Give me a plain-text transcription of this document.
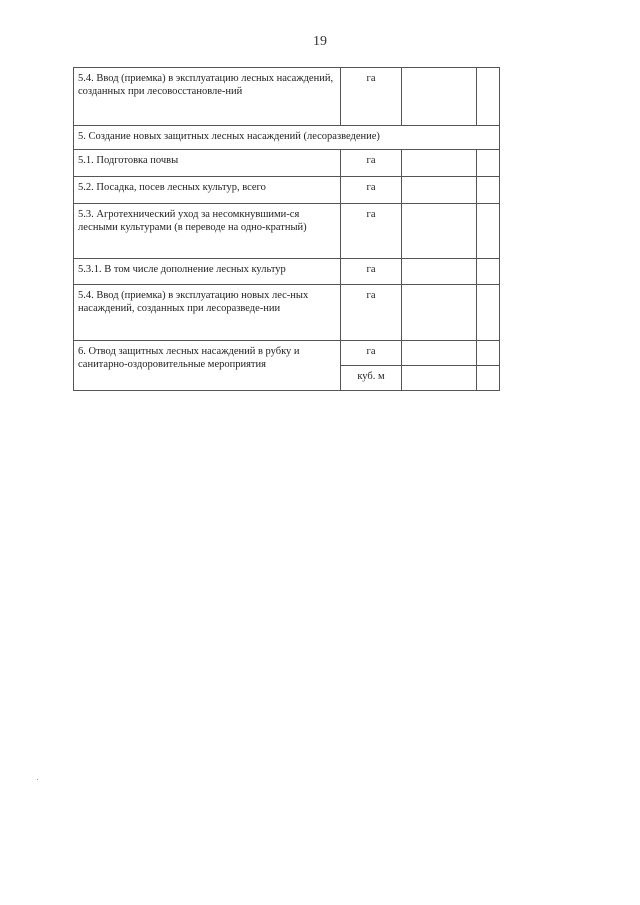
19
5.4. Ввод (приемка) в эксплуатацию лесных насаждений, созданных при лесовосстановле-ний	га		
5. Создание новых защитных лесных насаждений (лесоразведение)			
5.1. Подготовка почвы	га		
5.2. Посадка, посев лесных культур, всего	га		
5.3. Агротехнический уход за несомкнувшими-ся лесными культурами (в переводе на одно-кратный)	га		
5.3.1. В том числе дополнение лесных культур	га		
5.4. Ввод (приемка) в эксплуатацию новых лес-ных насаждений, созданных при лесоразведе-нии	га		
6. Отвод защитных лесных насаждений в рубку и санитарно-оздоровительные мероприятия	га		
	куб. м		
